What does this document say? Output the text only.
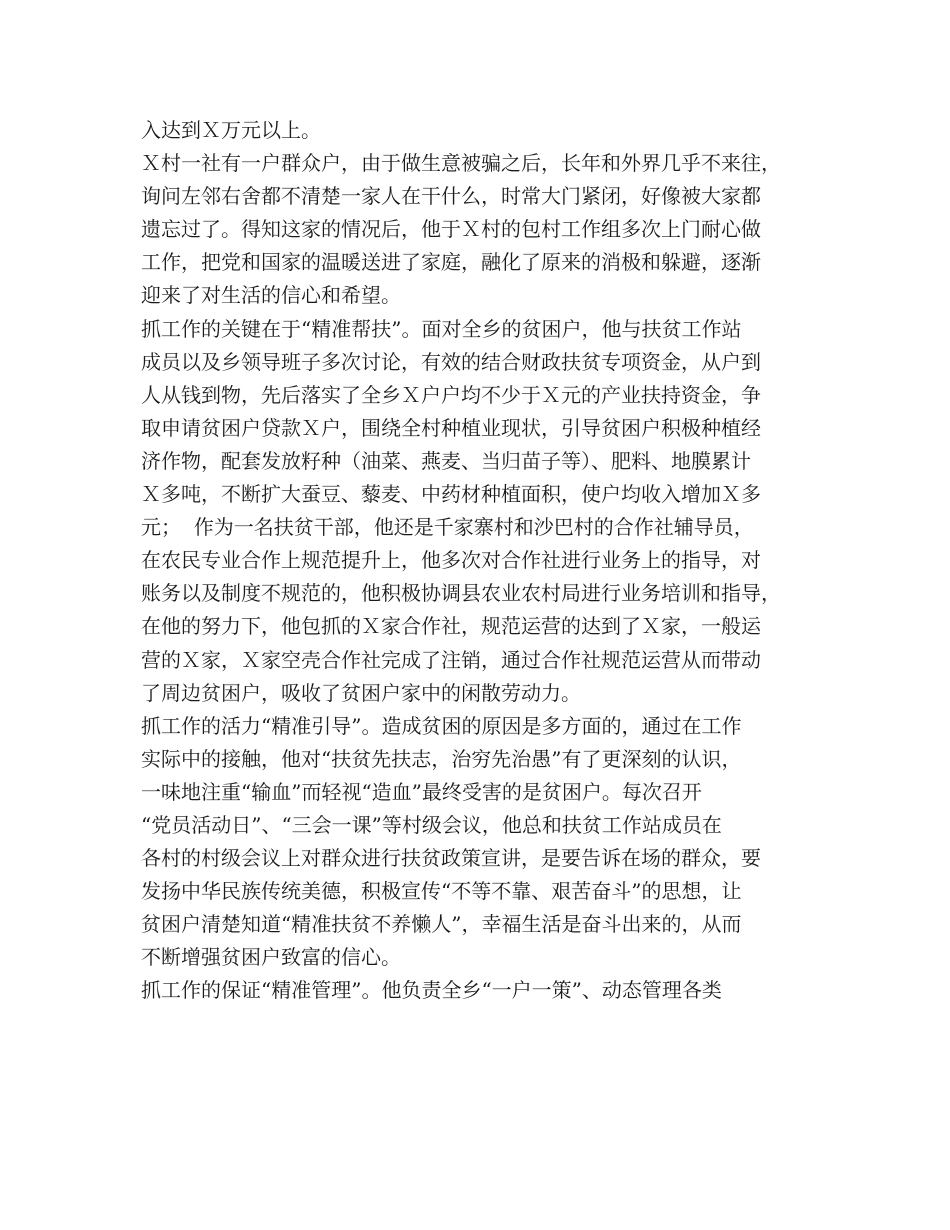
入达到Ｘ万元以上。
Ｘ村一社有一户群众户，由于做生意被骗之后，长年和外界几乎不来往，
询问左邻右舍都不清楚一家人在干什么，时常大门紧闭，好像被大家都
遗忘过了。得知这家的情况后，他于Ｘ村的包村工作组多次上门耐心做
工作，把党和国家的温暖送进了家庭，融化了原来的消极和躲避，逐渐
迎来了对生活的信心和希望。
抓工作的关键在于“精准帮扶”。面对全乡的贫困户，他与扶贫工作站
成员以及乡领导班子多次讨论，有效的结合财政扶贫专项资金，从户到
人从钱到物，先后落实了全乡Ｘ户户均不少于Ｘ元的产业扶持资金，争
取申请贫困户贷款Ｘ户，围绕全村种植业现状，引导贫困户积极种植经
济作物，配套发放籽种（油菜、燕麦、当归苗子等）、肥料、地膜累计
Ｘ多吨，不断扩大蚕豆、藜麦、中药材种植面积，使户均收入增加Ｘ多
元；  作为一名扶贫干部，他还是千家寨村和沙巴村的合作社辅导员，
在农民专业合作上规范提升上，他多次对合作社进行业务上的指导，对
账务以及制度不规范的，他积极协调县农业农村局进行业务培训和指导，
在他的努力下，他包抓的Ｘ家合作社，规范运营的达到了Ｘ家，一般运
营的Ｘ家，Ｘ家空壳合作社完成了注销，通过合作社规范运营从而带动
了周边贫困户，吸收了贫困户家中的闲散劳动力。
抓工作的活力“精准引导”。造成贫困的原因是多方面的，通过在工作
实际中的接触，他对“扶贫先扶志，治穷先治愚”有了更深刻的认识，
一味地注重“输血”而轻视“造血”最终受害的是贫困户。每次召开
“党员活动日”、“三会一课”等村级会议，他总和扶贫工作站成员在
各村的村级会议上对群众进行扶贫政策宣讲，是要告诉在场的群众，要
发扬中华民族传统美德，积极宣传“不等不靠、艰苦奋斗”的思想，让
贫困户清楚知道“精准扶贫不养懒人”，幸福生活是奋斗出来的，从而
不断增强贫困户致富的信心。
抓工作的保证“精准管理”。他负责全乡“一户一策”、动态管理各类
